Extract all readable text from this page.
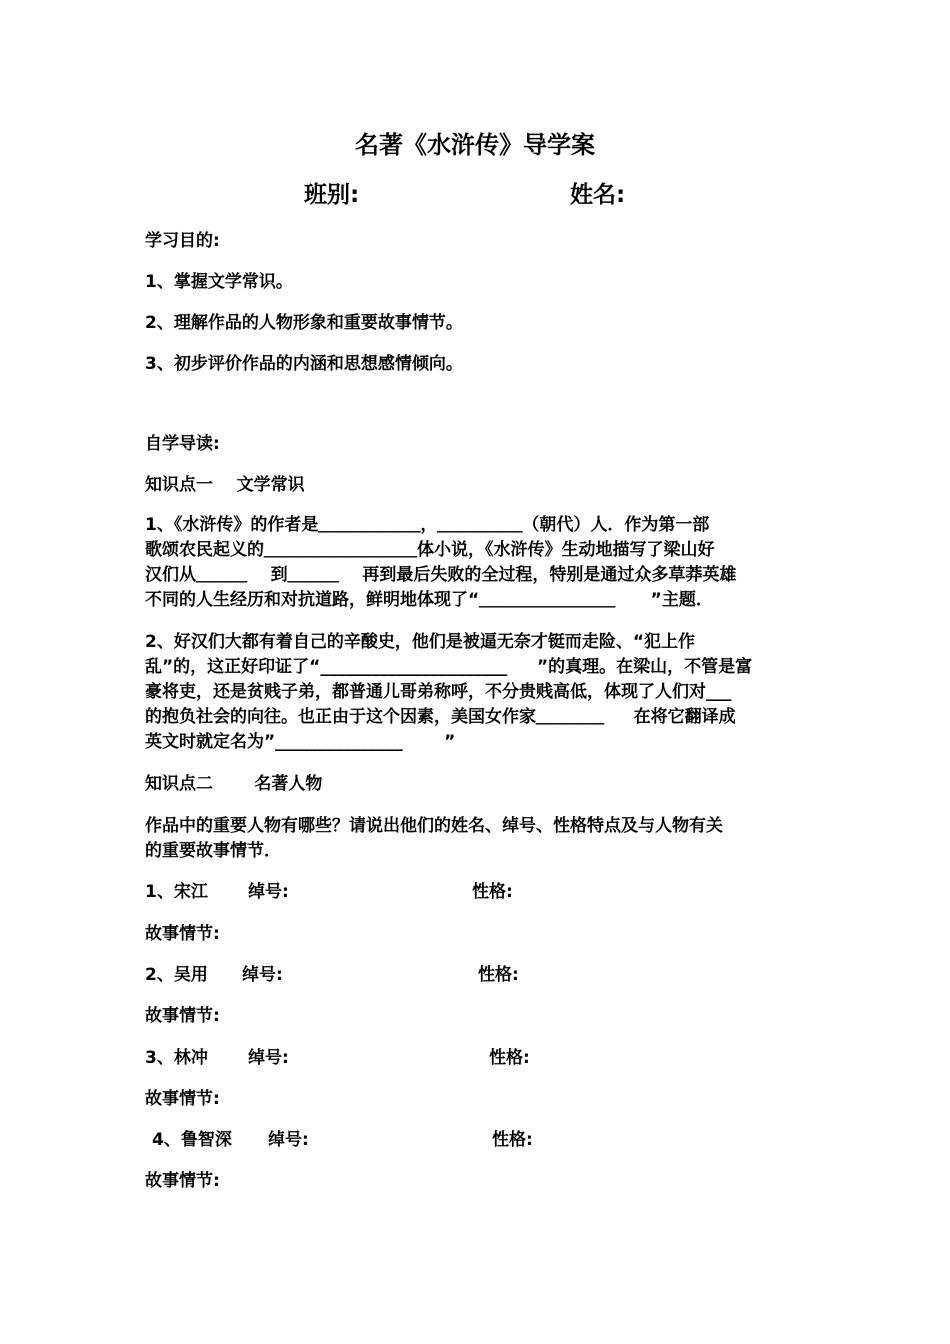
名著《水浒传》导学案
班别:	姓名:
学习目的:
1、掌握文学常识。
2、理解作品的人物形象和重要故事情节。
3、初步评价作品的内涵和思想感情倾向。
自学导读:
知识点一    文学常识
1、《水浒传》的作者是＿＿＿＿＿＿，＿＿＿＿＿（朝代）人．作为第一部
歌颂农民起义的＿＿＿＿＿＿＿＿＿体小说，《水浒传》生动地描写了梁山好
汉们从＿＿＿    到＿＿＿    再到最后失败的全过程，特别是通过众多草莽英雄
不同的人生经历和对抗道路，鲜明地体现了“＿＿＿＿＿＿＿＿      ”主题．
2、好汉们大都有着自己的辛酸史，他们是被逼无奈才铤而走险、“犯上作
乱”的，这正好印证了“______________________     ”的真理。在梁山，不管是富
豪将吏，还是贫贱子弟，都普通儿哥弟称呼，不分贵贱高低，体现了人们对___
的抱负社会的向往。也正由于这个因素，美国女作家＿＿＿＿     在将它翻译成
英文时就定名为”_______________       ”
知识点二       名著人物
作品中的重要人物有哪些？请说出他们的姓名、绰号、性格特点及与人物有关
的重要故事情节．
1、宋江 绰号:	性格:
故事情节:
2、吴用 绰号:	性格:
故事情节:
3、林冲 绰号:	性格:
故事情节:
4、鲁智深 绰号:	性格:
故事情节:
